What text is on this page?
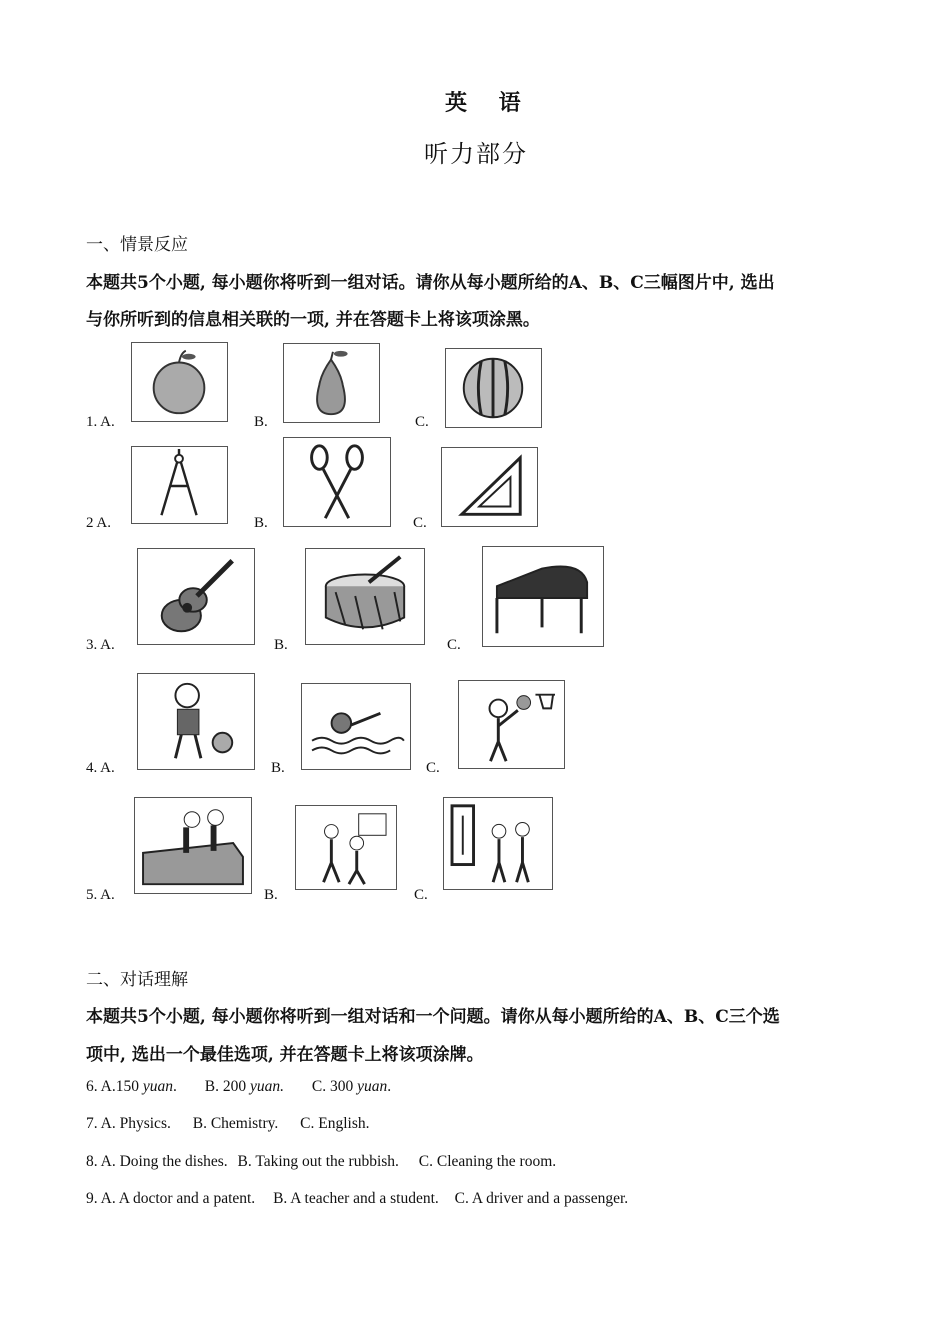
英 语
听力部分
一、情景反应
本题共5个小题, 每小题你将听到一组对话。请你从每小题所给的A、B、C三幅图片中, 选出
与你所听到的信息相关联的一项, 并在答题卡上将该项涂黑。
1. A.	B.	C.
2 A.	B.	C.
3. A.	B.	C.
4. A.	B.	C.
5. A.	B.	C.
二、对话理解
本题共5个小题, 每小题你将听到一组对话和一个问题。请你从每小题所给的A、B、C三个选
项中, 选出一个最佳选项, 并在答题卡上将该项涂牌。
6. A.150 yuan. B. 200 yuan. C. 300 yuan.
7. A. Physics. B. Chemistry. C. English.
8. A. Doing the dishes. B. Taking out the rubbish. C. Cleaning the room.
9. A. A doctor and a patent. B. A teacher and a student. C. A driver and a passenger.
